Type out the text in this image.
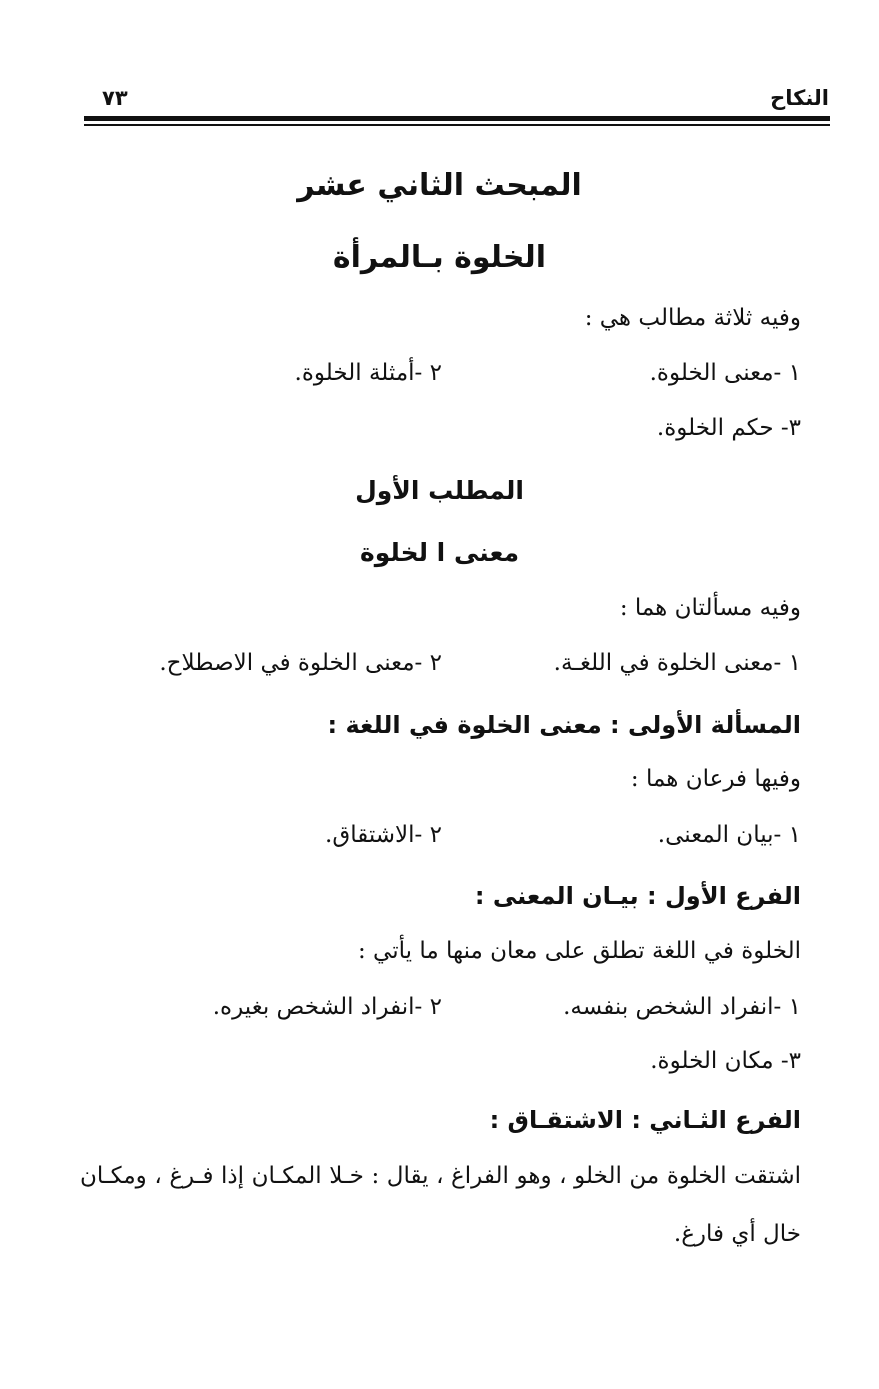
النكاح
٧٣
المبحث الثاني عشر
الخلوة بـالمرأة
وفيه ثلاثة مطالب هي :
١ -معنى الخلوة.
٢ -أمثلة الخلوة.
٣- حكم الخلوة.
المطلب الأول
معنى ا لخلوة
وفيه مسألتان هما :
١ -معنى الخلوة في اللغـة.
٢ -معنى الخلوة في الاصطلاح.
المسألة الأولى : معنى الخلوة في اللغة :
وفيها فرعان هما :
١ -بيان المعنى.
٢ -الاشتقاق.
الفرع الأول : بيـان المعنى :
الخلوة في اللغة تطلق على معان منها ما يأتي :
١ -انفراد الشخص بنفسه.
٢ -انفراد الشخص بغيره.
٣- مكان الخلوة.
الفرع الثـاني : الاشتقـاق :
اشتقت الخلوة من الخلو ، وهو الفراغ ، يقال : خـلا المكـان إذا فـرغ ، ومكـان خال أي فارغ.
